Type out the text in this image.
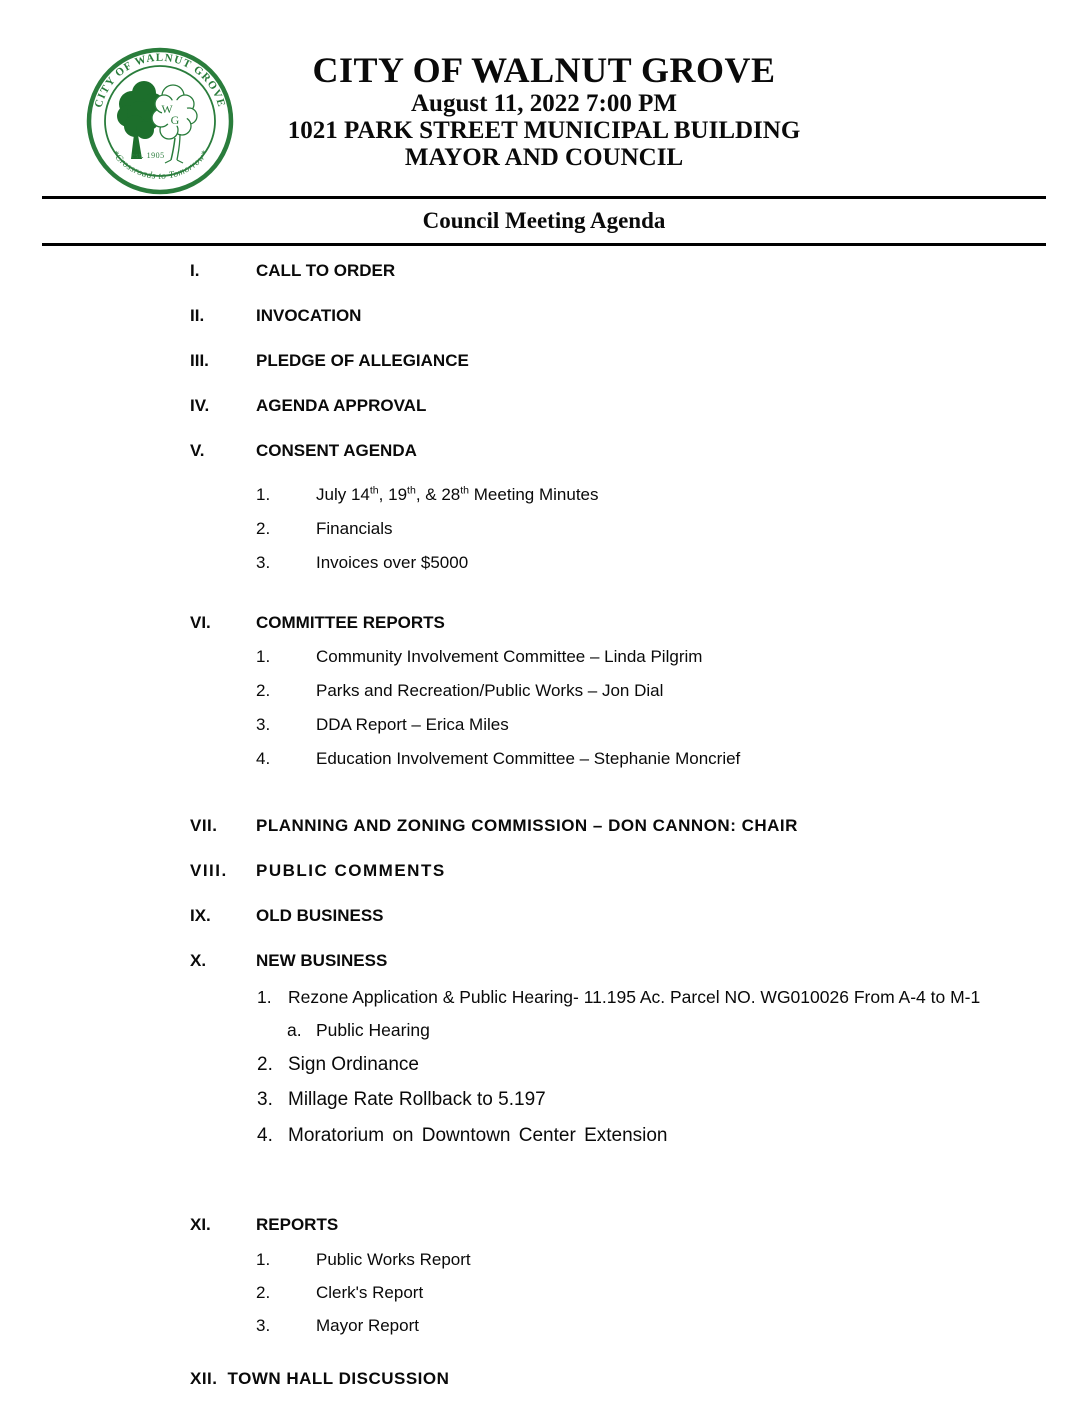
CITY OF WALNUT GROVE
W
G
est. 1905
*Crossroads to Tomorrow*
CITY OF WALNUT GROVE
August 11, 2022 7:00 PM
1021 PARK STREET MUNICIPAL BUILDING
MAYOR AND COUNCIL
Council Meeting Agenda
I.	CALL TO ORDER
II.	INVOCATION
III.	PLEDGE OF ALLEGIANCE
IV.	AGENDA APPROVAL
V.	CONSENT AGENDA
1.	July 14th, 19th, & 28th Meeting Minutes
2.	Financials
3.	Invoices over $5000
VI.	COMMITTEE REPORTS
1.	Community Involvement Committee – Linda Pilgrim
2.	Parks and Recreation/Public Works – Jon Dial
3.	DDA Report – Erica Miles
4.	Education Involvement Committee – Stephanie Moncrief
VII.	PLANNING AND ZONING COMMISSION – DON CANNON: CHAIR
VIII.	PUBLIC COMMENTS
IX.	OLD BUSINESS
X.	NEW BUSINESS
1. Rezone Application & Public Hearing- 11.195 Ac. Parcel NO. WG010026 From A-4 to M-1
a. Public Hearing
2. Sign Ordinance
3. Millage Rate Rollback to 5.197
4. Moratorium on Downtown Center Extension
XI.	REPORTS
1.	Public Works Report
2.	Clerk's Report
3.	Mayor Report
XII. TOWN HALL DISCUSSION
